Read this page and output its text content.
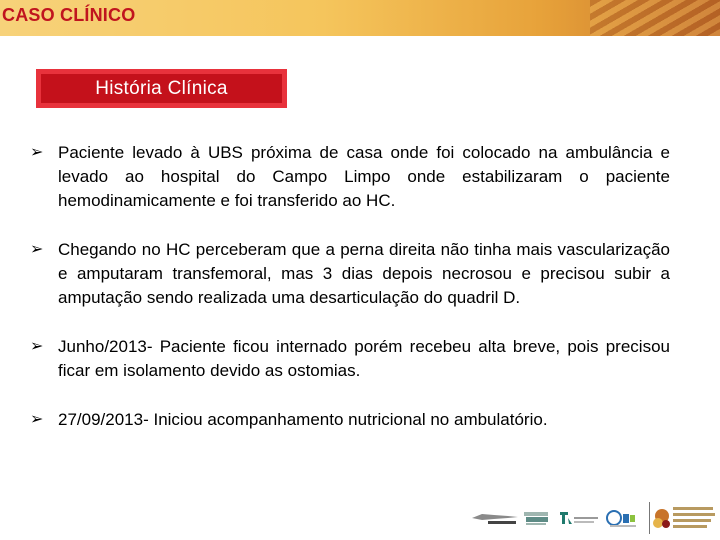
CASO CLÍNICO
História Clínica
➢ Paciente levado à UBS próxima de casa onde foi colocado na ambulância e levado ao hospital do Campo Limpo onde estabilizaram o paciente hemodinamicamente e foi transferido ao HC.
➢ Chegando no HC perceberam que a perna direita não tinha mais vascularização e amputaram transfemoral, mas 3 dias depois necrosou e precisou subir a amputação sendo realizada uma desarticulação do quadril D.
➢ Junho/2013- Paciente ficou internado porém recebeu alta breve, pois precisou ficar em isolamento devido as ostomias.
➢ 27/09/2013- Iniciou acompanhamento nutricional no ambulatório.
